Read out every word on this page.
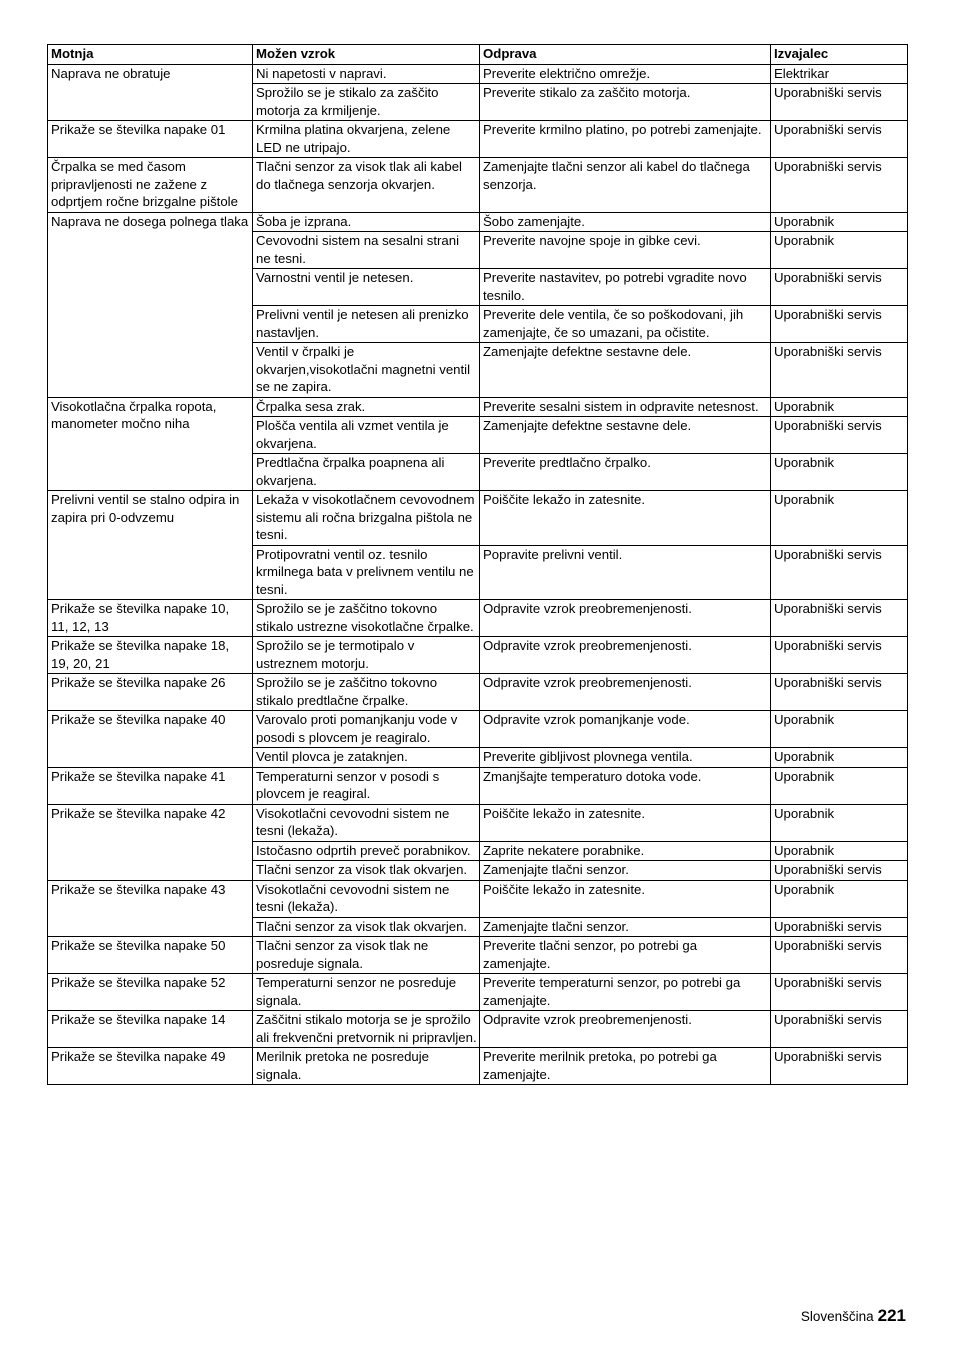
Motnja	Možen vzrok	Odprava	Izvajalec
Naprava ne obratuje	Ni napetosti v napravi.	Preverite električno omrežje.	Elektrikar
	Sprožilo se je stikalo za zaščito motorja za krmiljenje.	Preverite stikalo za zaščito motorja.	Uporabniški servis
Prikaže se številka napake 01	Krmilna platina okvarjena, zelene LED ne utripajo.	Preverite krmilno platino, po potrebi zamenjajte.	Uporabniški servis
Črpalka se med časom pripravljenosti ne zažene z odprtjem ročne brizgalne pištole	Tlačni senzor za visok tlak ali kabel do tlačnega senzorja okvarjen.	Zamenjajte tlačni senzor ali kabel do tlačnega senzorja.	Uporabniški servis
Naprava ne dosega polnega tlaka	Šoba je izprana.	Šobo zamenjajte.	Uporabnik
	Cevovodni sistem na sesalni strani ne tesni.	Preverite navojne spoje in gibke cevi.	Uporabnik
	Varnostni ventil je netesen.	Preverite nastavitev, po potrebi vgradite novo tesnilo.	Uporabniški servis
	Prelivni ventil je netesen ali prenizko nastavljen.	Preverite dele ventila, če so poškodovani, jih zamenjajte, če so umazani, pa očistite.	Uporabniški servis
	Ventil v črpalki je okvarjen,visokotlačni magnetni ventil se ne zapira.	Zamenjajte defektne sestavne dele.	Uporabniški servis
Visokotlačna črpalka ropota, manometer močno niha	Črpalka sesa zrak.	Preverite sesalni sistem in odpravite netesnost.	Uporabnik
	Plošča ventila ali vzmet ventila je okvarjena.	Zamenjajte defektne sestavne dele.	Uporabniški servis
	Predtlačna črpalka poapnena ali okvarjena.	Preverite predtlačno črpalko.	Uporabnik
Prelivni ventil se stalno odpira in zapira pri 0-odvzemu	Lekaža v visokotlačnem cevovodnem sistemu ali ročna brizgalna pištola ne tesni.	Poiščite lekažo in zatesnite.	Uporabnik
	Protipovratni ventil oz. tesnilo krmilnega bata v prelivnem ventilu ne tesni.	Popravite prelivni ventil.	Uporabniški servis
Prikaže se številka napake 10, 11, 12, 13	Sprožilo se je zaščitno tokovno stikalo ustrezne visokotlačne črpalke.	Odpravite vzrok preobremenjenosti.	Uporabniški servis
Prikaže se številka napake 18, 19, 20, 21	Sprožilo se je termotipalo v ustreznem motorju.	Odpravite vzrok preobremenjenosti.	Uporabniški servis
Prikaže se številka napake 26	Sprožilo se je zaščitno tokovno stikalo predtlačne črpalke.	Odpravite vzrok preobremenjenosti.	Uporabniški servis
Prikaže se številka napake 40	Varovalo proti pomanjkanju vode v posodi s plovcem je reagiralo.	Odpravite vzrok pomanjkanje vode.	Uporabnik
	Ventil plovca je zataknjen.	Preverite gibljivost plovnega ventila.	Uporabnik
Prikaže se številka napake 41	Temperaturni senzor v posodi s plovcem je reagiral.	Zmanjšajte temperaturo dotoka vode.	Uporabnik
Prikaže se številka napake 42	Visokotlačni cevovodni sistem ne tesni (lekaža).	Poiščite lekažo in zatesnite.	Uporabnik
	Istočasno odprtih preveč porabnikov.	Zaprite nekatere porabnike.	Uporabnik
	Tlačni senzor za visok tlak okvarjen.	Zamenjajte tlačni senzor.	Uporabniški servis
Prikaže se številka napake 43	Visokotlačni cevovodni sistem ne tesni (lekaža).	Poiščite lekažo in zatesnite.	Uporabnik
	Tlačni senzor za visok tlak okvarjen.	Zamenjajte tlačni senzor.	Uporabniški servis
Prikaže se številka napake 50	Tlačni senzor za visok tlak ne posreduje signala.	Preverite tlačni senzor, po potrebi ga zamenjajte.	Uporabniški servis
Prikaže se številka napake 52	Temperaturni senzor ne posreduje signala.	Preverite temperaturni senzor, po potrebi ga zamenjajte.	Uporabniški servis
Prikaže se številka napake 14	Zaščitni stikalo motorja se je sprožilo ali frekvenčni pretvornik ni pripravljen.	Odpravite vzrok preobremenjenosti.	Uporabniški servis
Prikaže se številka napake 49	Merilnik pretoka ne posreduje signala.	Preverite merilnik pretoka, po potrebi ga zamenjajte.	Uporabniški servis
Slovenščina 221
